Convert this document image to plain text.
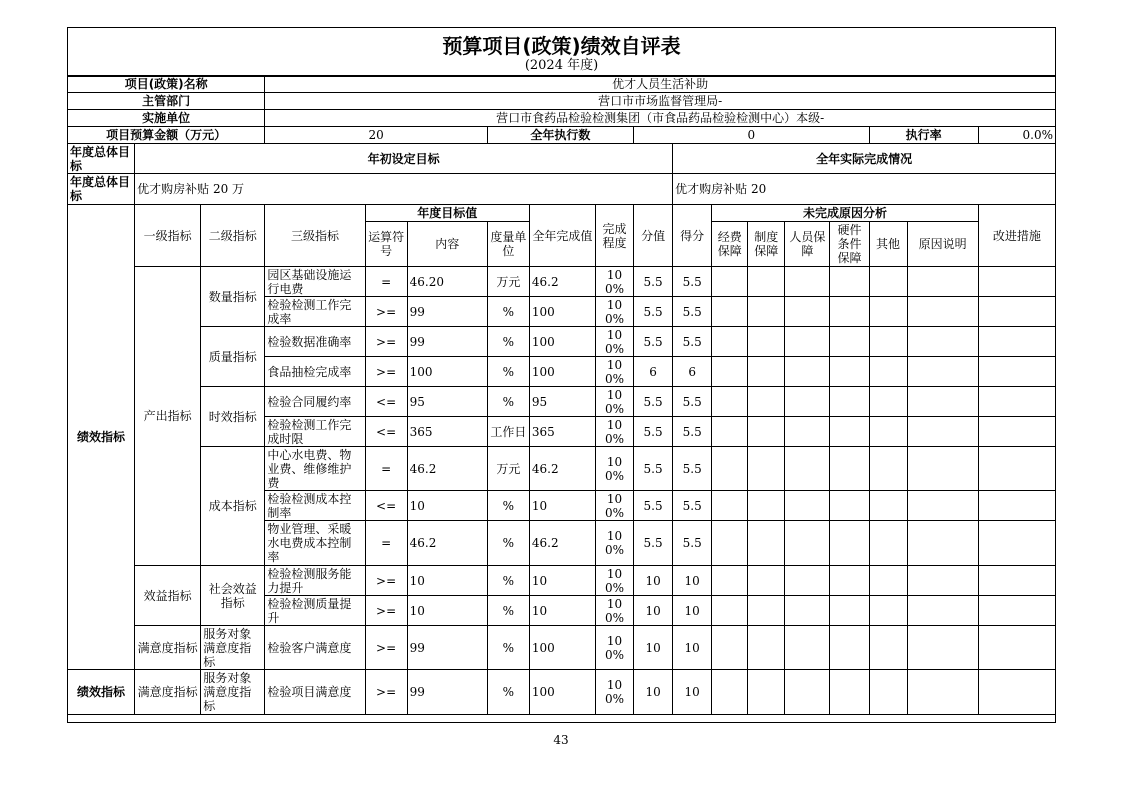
预算项目(政策)绩效自评表
(2024 年度)
项目(政策)名称			优才人员生活补助														
主管部门			营口市市场监督管理局-														
实施单位			营口市食药品检验检测集团（市食品药品检验检测中心）本级-														
项目预算金额（万元）			20			全年执行数			0						执行率		0.0%
年度总体目标	年初设定目标									全年实际完成情况							
年度总体目标	优才购房补贴 20 万									优才购房补贴 20							
绩效指标	一级指标	二级指标	三级指标	年度目标值			全年完成值	完成程度	分值	得分	未完成原因分析						改进措施
				运算符号	内容	度量单位					经费保障	制度保障	人员保障	硬件条件保障	其他	原因说明	
	产出指标	数量指标	园区基础设施运行电费	=	46.20	万元	46.2	100%	5.5	5.5							
			检验检测工作完成率	>=	99	%	100	100%	5.5	5.5							
		质量指标	检验数据准确率	>=	99	%	100	100%	5.5	5.5							
			食品抽检完成率	>=	100	%	100	100%	6	6							
		时效指标	检验合同履约率	<=	95	%	95	100%	5.5	5.5							
			检验检测工作完成时限	<=	365	工作日	365	100%	5.5	5.5							
		成本指标	中心水电费、物业费、维修维护费	=	46.2	万元	46.2	100%	5.5	5.5							
			检验检测成本控制率	<=	10	%	10	100%	5.5	5.5							
			物业管理、采暖水电费成本控制率	=	46.2	%	46.2	100%	5.5	5.5							
	效益指标	社会效益指标	检验检测服务能力提升	>=	10	%	10	100%	10	10							
			检验检测质量提升	>=	10	%	10	100%	10	10							
	满意度指标	服务对象满意度指标	检验客户满意度	>=	99	%	100	100%	10	10							
绩效指标	满意度指标	服务对象满意度指标	检验项目满意度	>=	99	%	100	100%	10	10							
43
